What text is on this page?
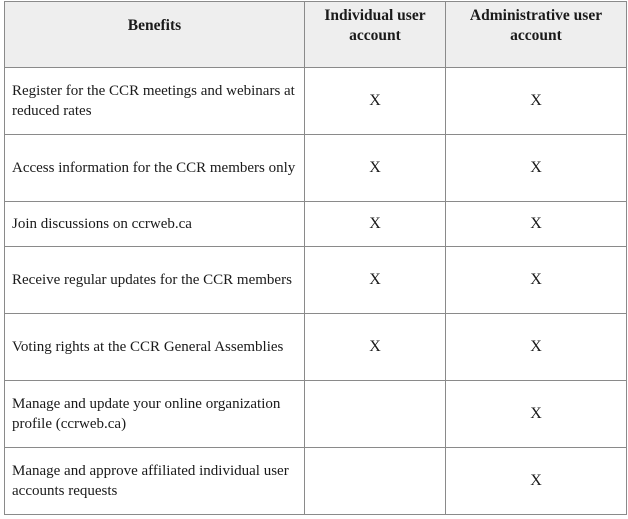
Benefits	Individual user account	Administrative user account
Register for the CCR meetings and webinars at reduced rates	X	X
Access information for the CCR members only	X	X
Join discussions on ccrweb.ca	X	X
Receive regular updates for the CCR members	X	X
Voting rights at the CCR General Assemblies	X	X
Manage and update your online organization profile (ccrweb.ca)		X
Manage and approve affiliated individual user accounts requests		X
